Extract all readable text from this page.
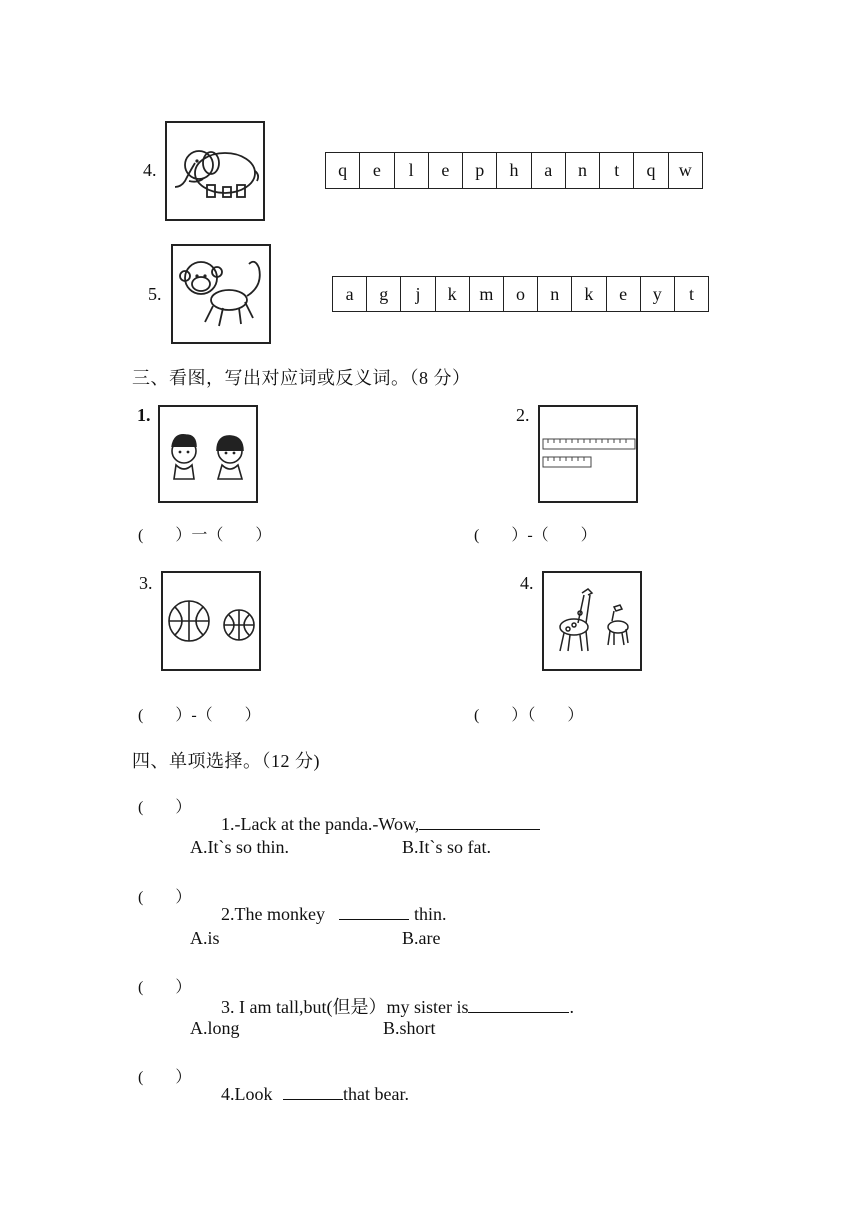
4.	q	e	l	e	p	h	a	n	t	q	w
5.	a	g	j	k	m	o	n	k	e	y	t
三、看图，写出对应词或反义词。（8 分）
1.
(        ）一（        ）
2.
(        ）-（        ）
3.
(        ）-（        ）
4.
(        ）（        ）
四、单项选择。（12 分)
(        ）

1.-Lack at the panda.-Wow,

A.It`s so thin.	B.It`s so fat.
(        ）

2.The monkey	thin.

A.is	B.are
(        ）

3. I am tall,but(但是）my sister is	.

A.long	B.short
(        ）

4.Look	that bear.
